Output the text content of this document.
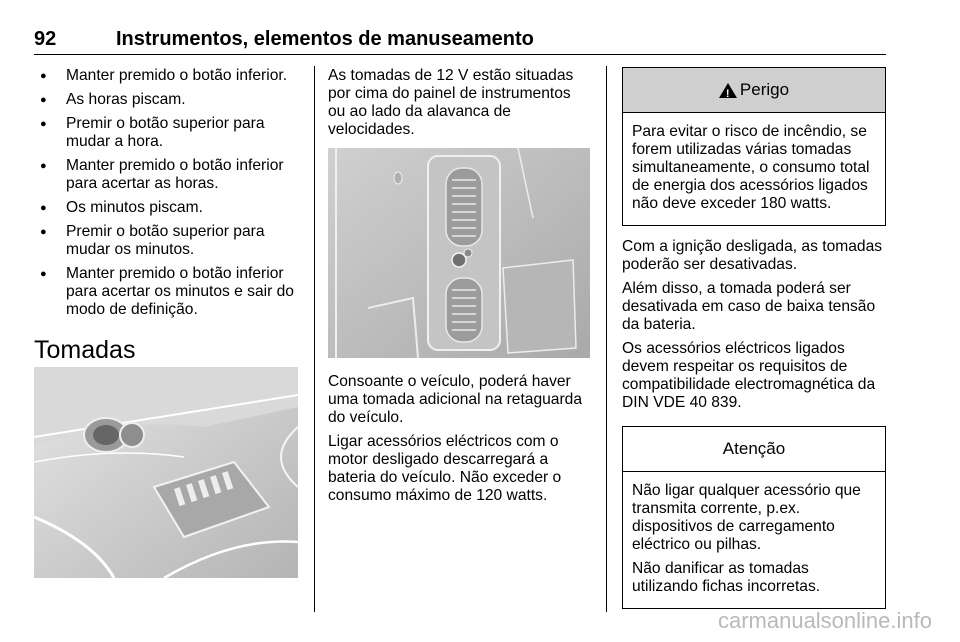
92	Instrumentos, elementos de manuseamento
● Manter premido o botão inferior.
● As horas piscam.
● Premir o botão superior para mudar a hora.
● Manter premido o botão inferior para acertar as horas.
● Os minutos piscam.
● Premir o botão superior para mudar os minutos.
● Manter premido o botão inferior para acertar os minutos e sair do modo de definição.
Tomadas

As tomadas de 12 V estão situadas por cima do painel de instrumentos ou ao lado da alavanca de velocidades.

Consoante o veículo, poderá haver uma tomada adicional na retaguarda do veículo.

Ligar acessórios eléctricos com o motor desligado descarregará a bateria do veículo. Não exceder o consumo máximo de 120 watts.

!
Perigo

Para evitar o risco de incêndio, se forem utilizadas várias tomadas simultaneamente, o consumo total de energia dos acessórios ligados não deve exceder 180 watts.

Com a ignição desligada, as tomadas poderão ser desativadas.

Além disso, a tomada poderá ser desativada em caso de baixa tensão da bateria.

Os acessórios eléctricos ligados devem respeitar os requisitos de compatibilidade electromagnética da DIN VDE 40 839.

Atenção

Não ligar qualquer acessório que transmita corrente, p.ex. dispositivos de carregamento eléctrico ou pilhas.

Não danificar as tomadas utilizando fichas incorretas.

carmanualsonline.info
